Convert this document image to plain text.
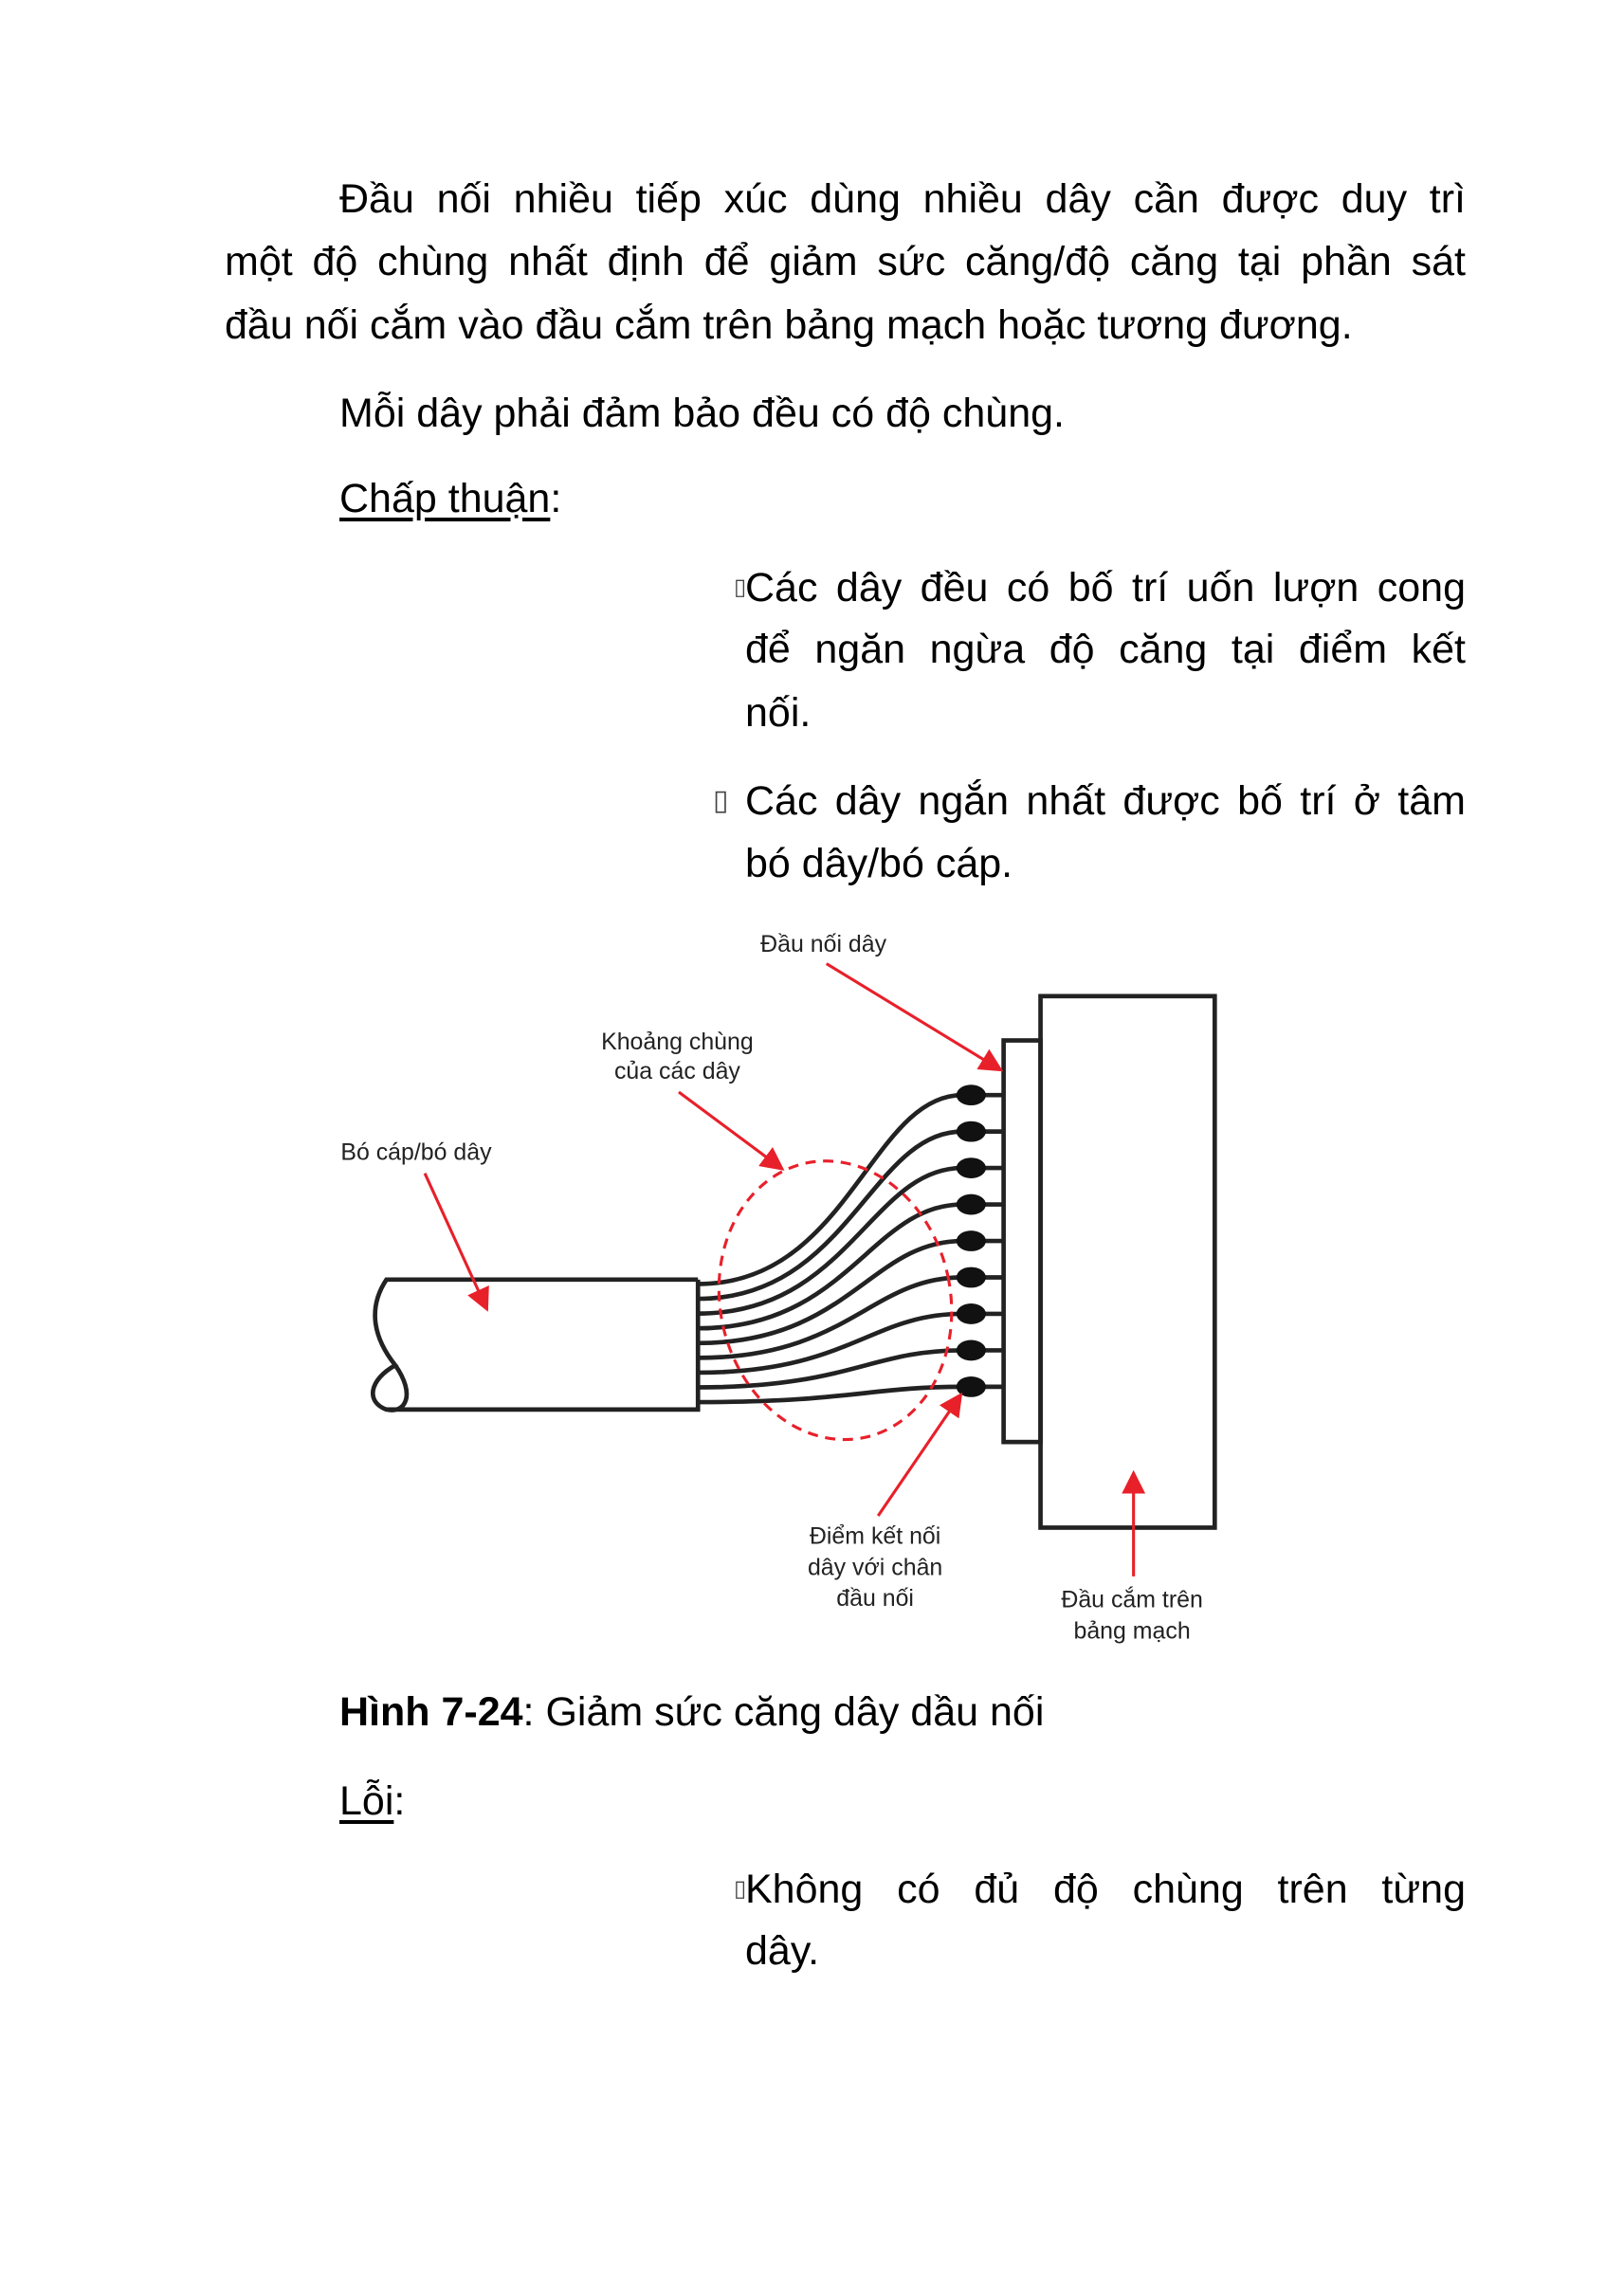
Đầu nối nhiều tiếp xúc dùng nhiều dây cần được duy trì
một độ chùng nhất định để giảm sức căng/độ căng tại phần sát
đầu nối cắm vào đầu cắm trên bảng mạch hoặc tương đương.
Mỗi dây phải đảm bảo đều có độ chùng.
Chấp thuận:
▯
Các dây đều có bố trí uốn lượn cong
để ngăn ngừa độ căng tại điểm kết
nối.
▯ Các dây ngắn nhất được bố trí ở tâm
bó dây/bó cáp.
Đầu nối dây
Khoảng chùng
của các dây
Bó cáp/bó dây
Điểm kết nối
dây với chân
đầu nối	Đầu cắm trên
bảng mạch
Hình 7-24: Giảm sức căng dây dầu nối
Lỗi:
▯
Không có đủ độ chùng trên từng
dây.
